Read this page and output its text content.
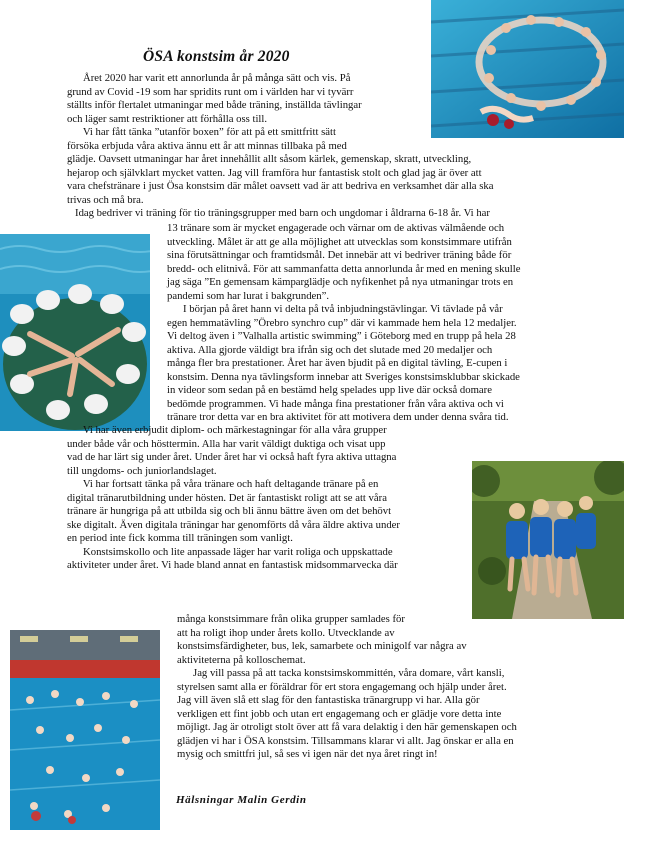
ÖSA konstsim år 2020
Året 2020 har varit ett annorlunda år på många sätt och vis. På
grund av Covid -19 som har spridits runt om i världen har vi tyvärr
ställts inför flertalet utmaningar med både träning, inställda tävlingar
och läger samt restriktioner att förhålla oss till.
Vi har fått tänka ”utanför boxen” för att på ett smittfritt sätt
försöka erbjuda våra aktiva ännu ett år att minnas tillbaka på med
glädje. Oavsett utmaningar har året innehållit allt såsom kärlek, gemenskap, skratt, utveckling,
hejarop och självklart mycket vatten. Jag vill framföra hur fantastisk stolt och glad jag är över att
vara chefstränare i just Ösa konstsim där målet oavsett vad är att bedriva en verksamhet där alla ska
trivas och må bra.
Idag bedriver vi träning för tio träningsgrupper med barn och ungdomar i åldrarna 6-18 år. Vi har
13 tränare som är mycket engagerade och värnar om de aktivas välmående och
utveckling. Målet är att ge alla möjlighet att utvecklas som konstsimmare utifrån
sina förutsättningar och framtidsmål. Det innebär att vi bedriver träning både för
bredd- och elitnivå. För att sammanfatta detta annorlunda år med en mening skulle
jag säga ”En gemensam kämparglädje och nyfikenhet på nya utmaningar trots en
pandemi som har lurat i bakgrunden”.
I början på året hann vi delta på två inbjudningstävlingar. Vi tävlade på vår
egen hemmatävling ”Örebro synchro cup” där vi kammade hem hela 12 medaljer.
Vi deltog även i ”Valhalla artistic swimming” i Göteborg med en trupp på hela 28
aktiva. Alla gjorde väldigt bra ifrån sig och det slutade med 20 medaljer och
många fler bra prestationer. Året har även bjudit på en digital tävling, E-cupen i
konstsim. Denna nya tävlingsform innebar att Sveriges konstsimsklubbar skickade
in videor som sedan på en bestämd helg spelades upp live där också domare
bedömde programmen. Vi hade många fina prestationer från våra aktiva och vi
tränare tror detta var en bra aktivitet för att motivera dem under denna svåra tid.
Vi har även erbjudit diplom- och märkestagningar för alla våra grupper
under både vår och hösttermin. Alla har varit väldigt duktiga och visat upp
vad de har lärt sig under året. Under året har vi också haft fyra aktiva uttagna
till ungdoms- och juniorlandslaget.
Vi har fortsatt tänka på våra tränare och haft deltagande tränare på en
digital tränarutbildning under hösten. Det är fantastiskt roligt att se att våra
tränare är hungriga på att utbilda sig och bli ännu bättre även om det behövt
ske digitalt. Även digitala träningar har genomförts då våra äldre aktiva under
en period inte fick komma till träningen som vanligt.
Konstsimskollo och lite anpassade läger har varit roliga och uppskattade
aktiviteter under året. Vi hade bland annat en fantastisk midsommarvecka där
många konstsimmare från olika grupper samlades för
att ha roligt ihop under årets kollo. Utvecklande av
konstsimsfärdigheter, bus, lek, samarbete och minigolf var några av
aktiviteterna på kolloschemat.
Jag vill passa på att tacka konstsimskommittén, våra domare, vårt kansli,
styrelsen samt alla er föräldrar för ert stora engagemang och hjälp under året.
Jag vill även slå ett slag för den fantastiska tränargrupp vi har. Alla gör
verkligen ett fint jobb och utan ert engagemang och er glädje vore detta inte
möjligt. Jag är otroligt stolt över att få vara delaktig i den här gemenskapen och
glädjen vi har i ÖSA konstsim. Tillsammans klarar vi allt. Jag önskar er alla en
mysig och smittfri jul, så ses vi igen när det nya året ringt in!
Hälsningar Malin Gerdin
